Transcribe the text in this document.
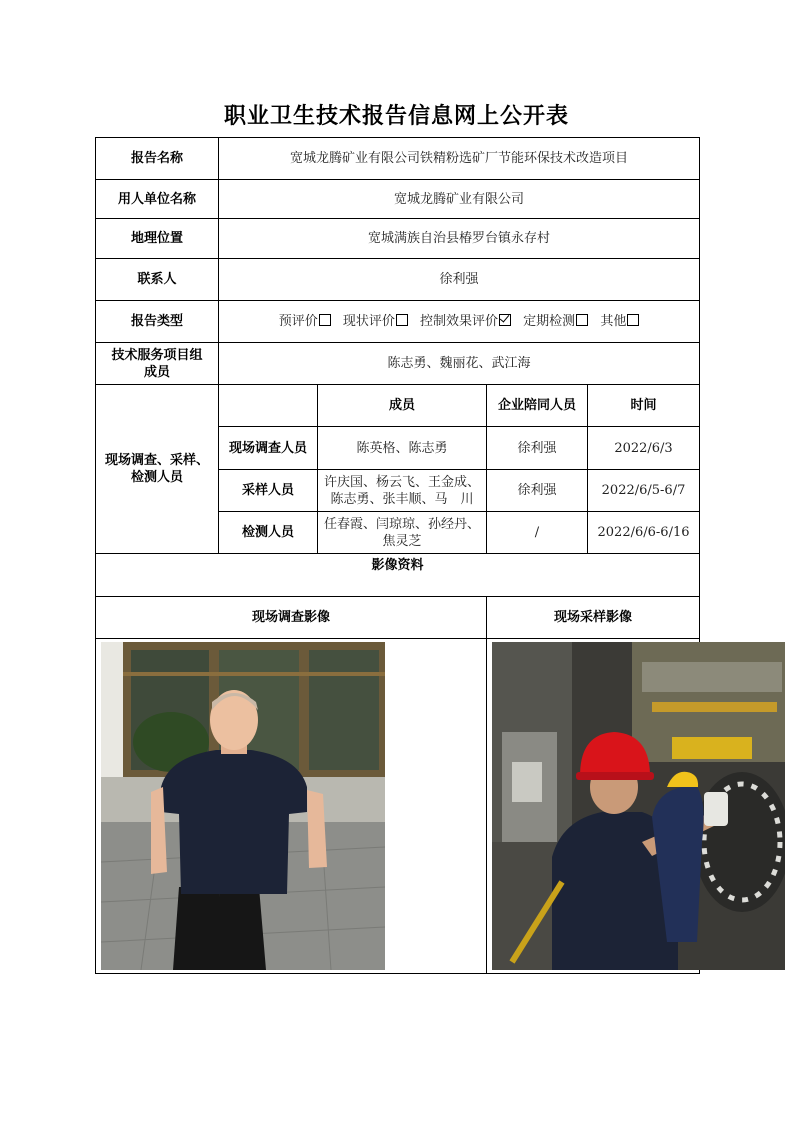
职业卫生技术报告信息网上公开表
报告名称	宽城龙腾矿业有限公司铁精粉选矿厂节能环保技术改造项目			
用人单位名称	宽城龙腾矿业有限公司			
地理位置	宽城满族自治县椿罗台镇永存村			
联系人	徐利强			
报告类型	预评价 现状评价 控制效果评价 定期检测 其他			
技术服务项目组
成员	陈志勇、魏丽花、武江海			
现场调查、采样、
检测人员		成员	企业陪同人员	时间
	现场调查人员	陈英格、陈志勇	徐利强	2022/6/3
	采样人员	许庆国、杨云飞、王金成、
陈志勇、张丰顺、马　川	徐利强	2022/6/5-6/7
	检测人员	任春霞、闫琼琼、孙经丹、
焦灵芝	/	2022/6/6-6/16
影像资料				
现场调查影像			现场采样影像	
